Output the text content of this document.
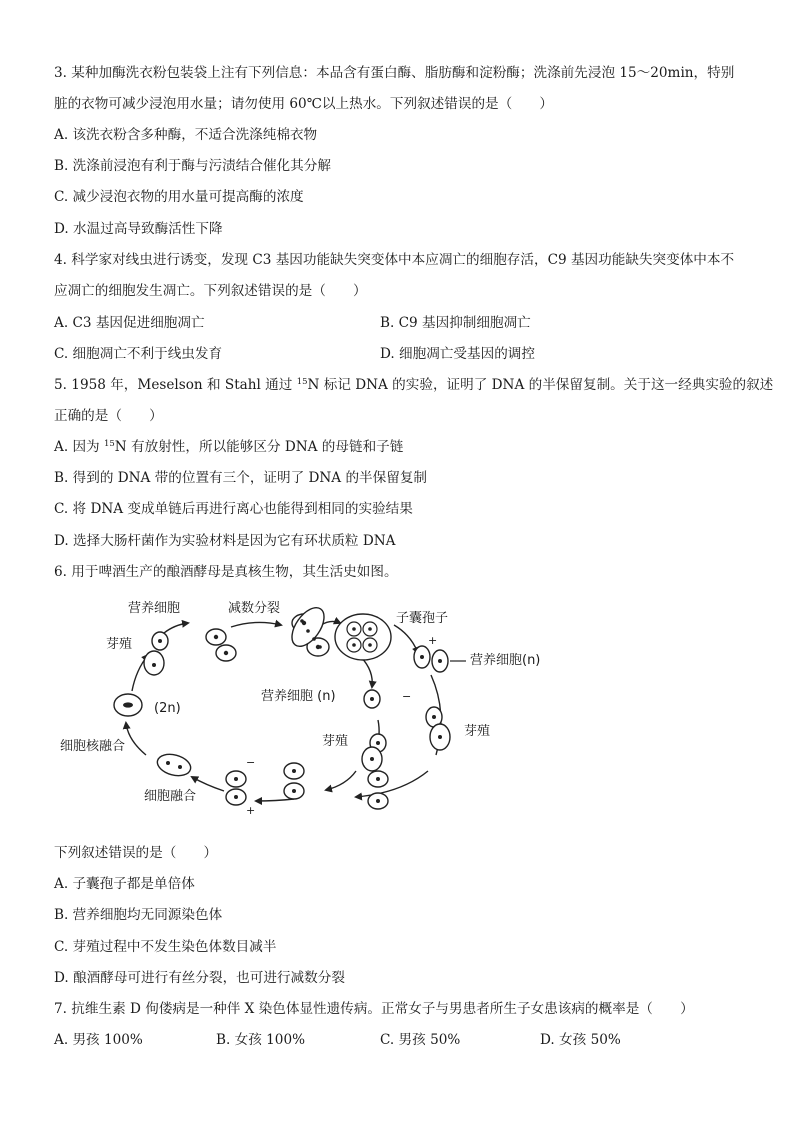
3. 某种加酶洗衣粉包装袋上注有下列信息：本品含有蛋白酶、脂肪酶和淀粉酶；洗涤前先浸泡 15～20min，特别
脏的衣物可减少浸泡用水量；请勿使用 60℃以上热水。下列叙述错误的是（　　）
A. 该洗衣粉含多种酶，不适合洗涤纯棉衣物
B. 洗涤前浸泡有利于酶与污渍结合催化其分解
C. 减少浸泡衣物的用水量可提高酶的浓度
D. 水温过高导致酶活性下降
4. 科学家对线虫进行诱变，发现 C3 基因功能缺失突变体中本应凋亡的细胞存活，C9 基因功能缺失突变体中本不
应凋亡的细胞发生凋亡。下列叙述错误的是（　　）
A. C3 基因促进细胞凋亡	B. C9 基因抑制细胞凋亡
C. 细胞凋亡不利于线虫发育	D. 细胞凋亡受基因的调控
5. 1958 年，Meselson 和 Stahl 通过 $^{15}$N 标记 DNA 的实验，证明了 DNA 的半保留复制。关于这一经典实验的叙述
正确的是（　　）
A. 因为 $^{15}$N 有放射性，所以能够区分 DNA 的母链和子链
B. 得到的 DNA 带的位置有三个，证明了 DNA 的半保留复制
C. 将 DNA 变成单链后再进行离心也能得到相同的实验结果
D. 选择大肠杆菌作为实验材料是因为它有环状质粒 DNA
6. 用于啤酒生产的酿酒酵母是真核生物，其生活史如图。
营养细胞	减数分裂
子囊孢子
营养细胞(n)
芽殖
(2n)
营养细胞 (n)
芽殖
芽殖
细胞核融合
细胞融合
+
−
−
+
下列叙述错误的是（　　）
A. 子囊孢子都是单倍体
B. 营养细胞均无同源染色体
C. 芽殖过程中不发生染色体数目减半
D. 酿酒酵母可进行有丝分裂，也可进行减数分裂
7. 抗维生素 D 佝偻病是一种伴 X 染色体显性遗传病。正常女子与男患者所生子女患该病的概率是（　　）
A. 男孩 100%	B. 女孩 100%	C. 男孩 50%	D. 女孩 50%
